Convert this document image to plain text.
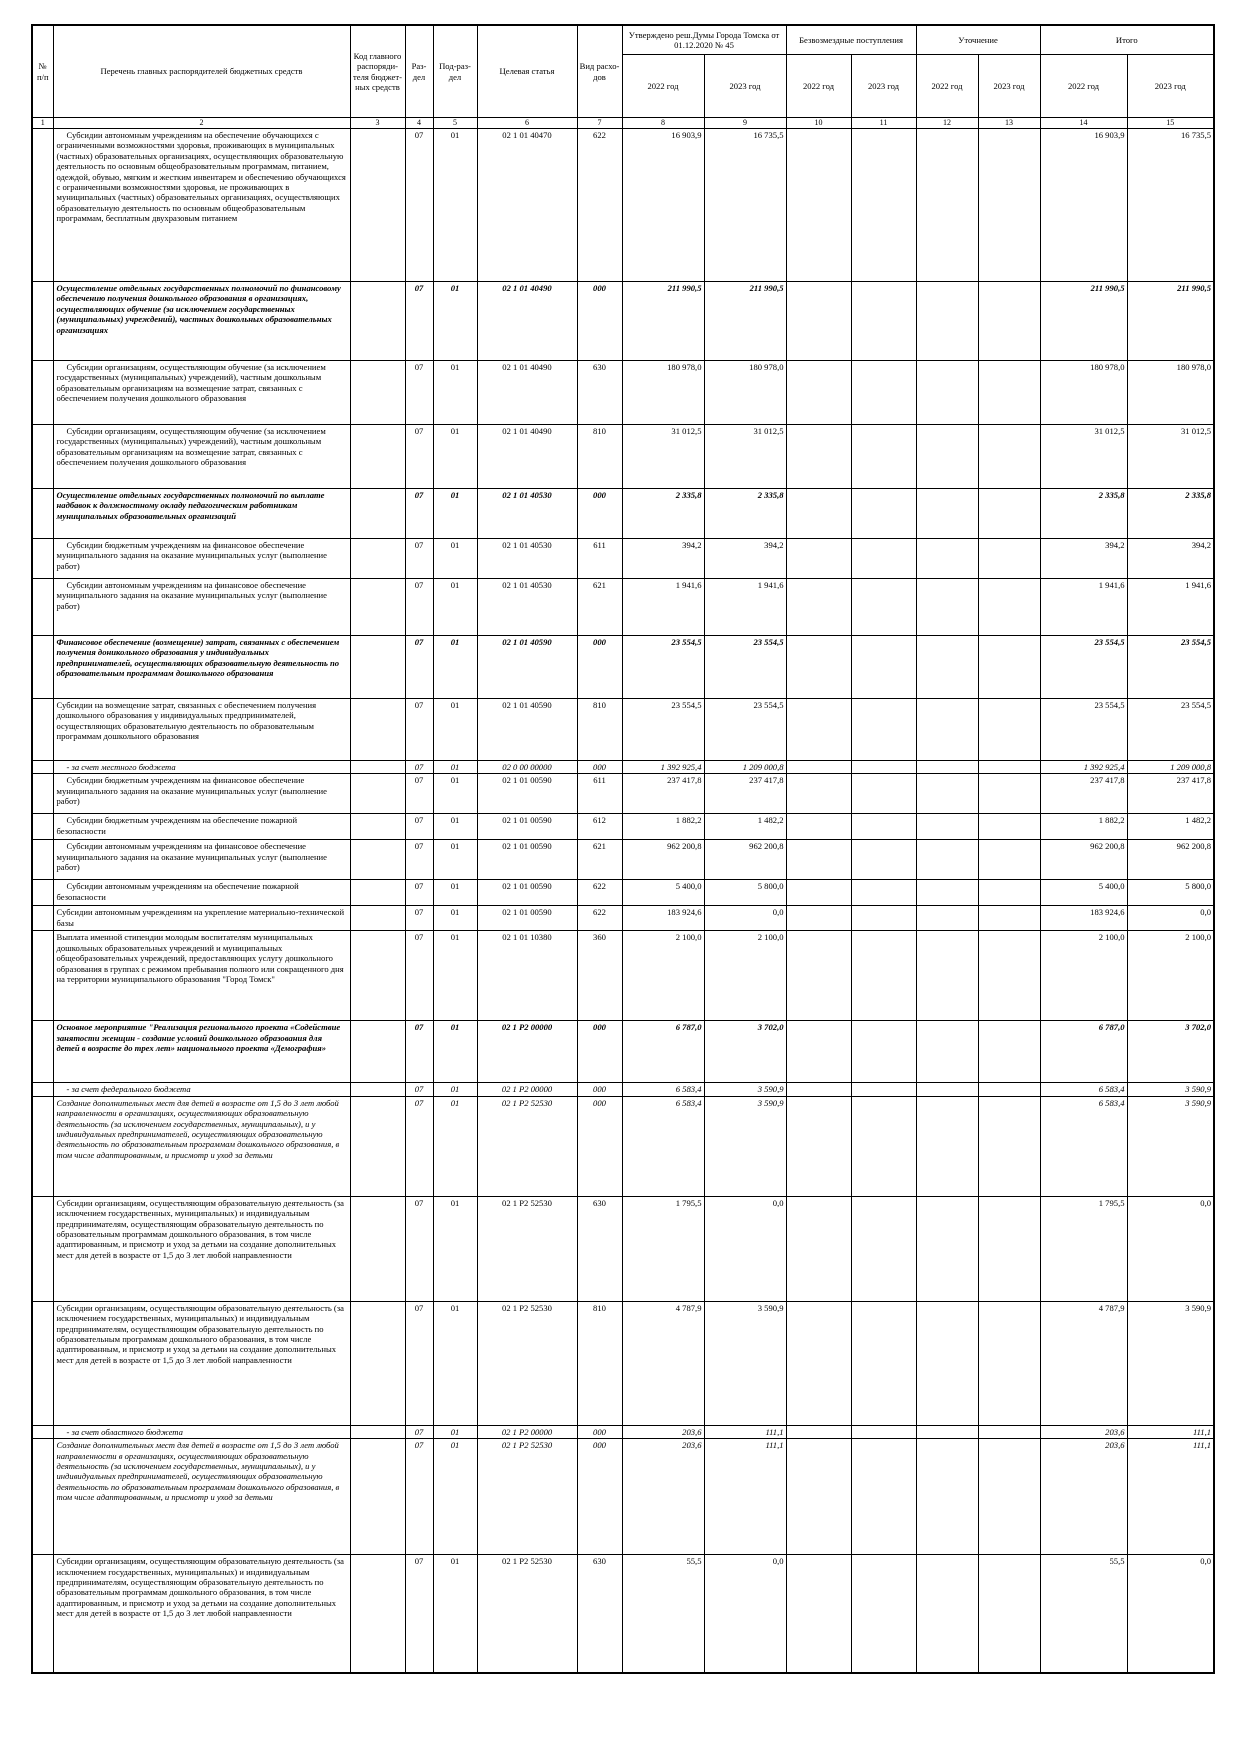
№ п/п	Перечень главных распорядителей бюджетных средств	Код главного распоряди-теля бюджет-ных средств	Раз-дел	Под-раз-дел	Целевая статья	Вид расхо-дов	Утверждено реш.Думы Города Томска от 01.12.2020 № 45		Безвозмездные поступления		Уточнение		Итого	
							2022 год	2023 год	2022 год	2023 год	2022 год	2023 год	2022 год	2023 год
1	2	3	4	5	6	7	8	9	10	11	12	13	14	15
	Субсидии автономным учреждениям на обеспечение обучающихся с ограниченными возможностями здоровья, проживающих в муниципальных (частных) образовательных организациях, осуществляющих образовательную деятельность по основным общеобразовательным программам, питанием, одеждой, обувью, мягким и жестким инвентарем и обеспечению обучающихся с ограниченными возможностями здоровья, не проживающих в муниципальных (частных) образовательных организациях, осуществляющих образовательную деятельность по основным общеобразовательным программам, бесплатным двухразовым питанием		07	01	02 1 01 40470	622	16 903,9	16 735,5					16 903,9	16 735,5
	Осуществление отдельных государственных полномочий по финансовому обеспечению получения дошкольного образования в организациях, осуществляющих обучение (за исключением государственных (муниципальных) учреждений), частных дошкольных образовательных организациях		07	01	02 1 01 40490	000	211 990,5	211 990,5					211 990,5	211 990,5
	Субсидии организациям, осуществляющим обучение (за исключением государственных (муниципальных) учреждений), частным дошкольным образовательным организациям на возмещение затрат, связанных с обеспечением получения дошкольного образования		07	01	02 1 01 40490	630	180 978,0	180 978,0					180 978,0	180 978,0
	Субсидии организациям, осуществляющим обучение (за исключением государственных (муниципальных) учреждений), частным дошкольным образовательным организациям на возмещение затрат, связанных с обеспечением получения дошкольного образования		07	01	02 1 01 40490	810	31 012,5	31 012,5					31 012,5	31 012,5
	Осуществление отдельных государственных полномочий по выплате надбавок к должностному окладу педагогическим работникам муниципальных образовательных организаций		07	01	02 1 01 40530	000	2 335,8	2 335,8					2 335,8	2 335,8
	Субсидии бюджетным учреждениям на финансовое обеспечение муниципального задания на оказание муниципальных услуг (выполнение работ)		07	01	02 1 01 40530	611	394,2	394,2					394,2	394,2
	Субсидии автономным учреждениям на финансовое обеспечение муниципального задания на оказание муниципальных услуг (выполнение работ)		07	01	02 1 01 40530	621	1 941,6	1 941,6					1 941,6	1 941,6
	Финансовое обеспечение (возмещение) затрат, связанных с обеспечением получения доникольного образования у индивидуальных предпринимателей, осуществляющих образовательную деятельность по образовательным программам дошкольного образования		07	01	02 1 01 40590	000	23 554,5	23 554,5					23 554,5	23 554,5
	Субсидии на возмещение затрат, связанных с обеспечением получения дошкольного образования у индивидуальных предпринимателей, осуществляющих образовательную деятельность по образовательным программам дошкольного образования		07	01	02 1 01 40590	810	23 554,5	23 554,5					23 554,5	23 554,5
	- за счет местного бюджета		07	01	02 0 00 00000	000	1 392 925,4	1 209 000,8					1 392 925,4	1 209 000,8
	Субсидии бюджетным учреждениям на финансовое обеспечение муниципального задания на оказание муниципальных услуг (выполнение работ)		07	01	02 1 01 00590	611	237 417,8	237 417,8					237 417,8	237 417,8
	Субсидии бюджетным учреждениям на обеспечение пожарной безопасности		07	01	02 1 01 00590	612	1 882,2	1 482,2					1 882,2	1 482,2
	Субсидии автономным учреждениям на финансовое обеспечение муниципального задания на оказание муниципальных услуг (выполнение работ)		07	01	02 1 01 00590	621	962 200,8	962 200,8					962 200,8	962 200,8
	Субсидии автономным учреждениям на обеспечение пожарной безопасности		07	01	02 1 01 00590	622	5 400,0	5 800,0					5 400,0	5 800,0
	Субсидии автономным учреждениям на укрепление материально-технической базы		07	01	02 1 01 00590	622	183 924,6	0,0					183 924,6	0,0
	Выплата именной стипендии молодым воспитателям муниципальных дошкольных образовательных учреждений и муниципальных общеобразовательных учреждений, предоставляющих услугу дошкольного образования в группах с режимом пребывания полного или сокращенного дня на территории муниципального образования "Город Томск"		07	01	02 1 01 10380	360	2 100,0	2 100,0					2 100,0	2 100,0
	Основное мероприятие "Реализация регионального проекта «Содействие занятости женщин - создание условий дошкольного образования для детей в возрасте до трех лет» национального проекта «Демография»		07	01	02 1 P2 00000	000	6 787,0	3 702,0					6 787,0	3 702,0
	- за счет федерального бюджета		07	01	02 1 P2 00000	000	6 583,4	3 590,9					6 583,4	3 590,9
	Создание дополнительных мест для детей в возрасте от 1,5 до 3 лет любой направленности в организациях, осуществляющих образовательную деятельность (за исключением государственных, муниципальных), и у индивидуальных предпринимателей, осуществляющих образовательную деятельность по образовательным программам дошкольного образования, в том числе адаптированным, и присмотр и уход за детьми		07	01	02 1 P2 52530	000	6 583,4	3 590,9					6 583,4	3 590,9
	Субсидии организациям, осуществляющим образовательную деятельность (за исключением государственных, муниципальных) и индивидуальным предпринимателям, осуществляющим образовательную деятельность по образовательным программам дошкольного образования, в том числе адаптированным, и присмотр и уход за детьми на создание дополнительных мест для детей в возрасте от 1,5 до 3 лет любой направленности		07	01	02 1 P2 52530	630	1 795,5	0,0					1 795,5	0,0
	Субсидии организациям, осуществляющим образовательную деятельность (за исключением государственных, муниципальных) и индивидуальным предпринимателям, осуществляющим образовательную деятельность по образовательным программам дошкольного образования, в том числе адаптированным, и присмотр и уход за детьми на создание дополнительных мест для детей в возрасте от 1,5 до 3 лет любой направленности		07	01	02 1 P2 52530	810	4 787,9	3 590,9					4 787,9	3 590,9
	- за счет областного бюджета		07	01	02 1 P2 00000	000	203,6	111,1					203,6	111,1
	Создание дополнительных мест для детей в возрасте от 1,5 до 3 лет любой направленности в организациях, осуществляющих образовательную деятельность (за исключением государственных, муниципальных), и у индивидуальных предпринимателей, осуществляющих образовательную деятельность по образовательным программам дошкольного образования, в том числе адаптированным, и присмотр и уход за детьми		07	01	02 1 P2 52530	000	203,6	111,1					203,6	111,1
	Субсидии организациям, осуществляющим образовательную деятельность (за исключением государственных, муниципальных) и индивидуальным предпринимателям, осуществляющим образовательную деятельность по образовательным программам дошкольного образования, в том числе адаптированным, и присмотр и уход за детьми на создание дополнительных мест для детей в возрасте от 1,5 до 3 лет любой направленности		07	01	02 1 P2 52530	630	55,5	0,0					55,5	0,0
